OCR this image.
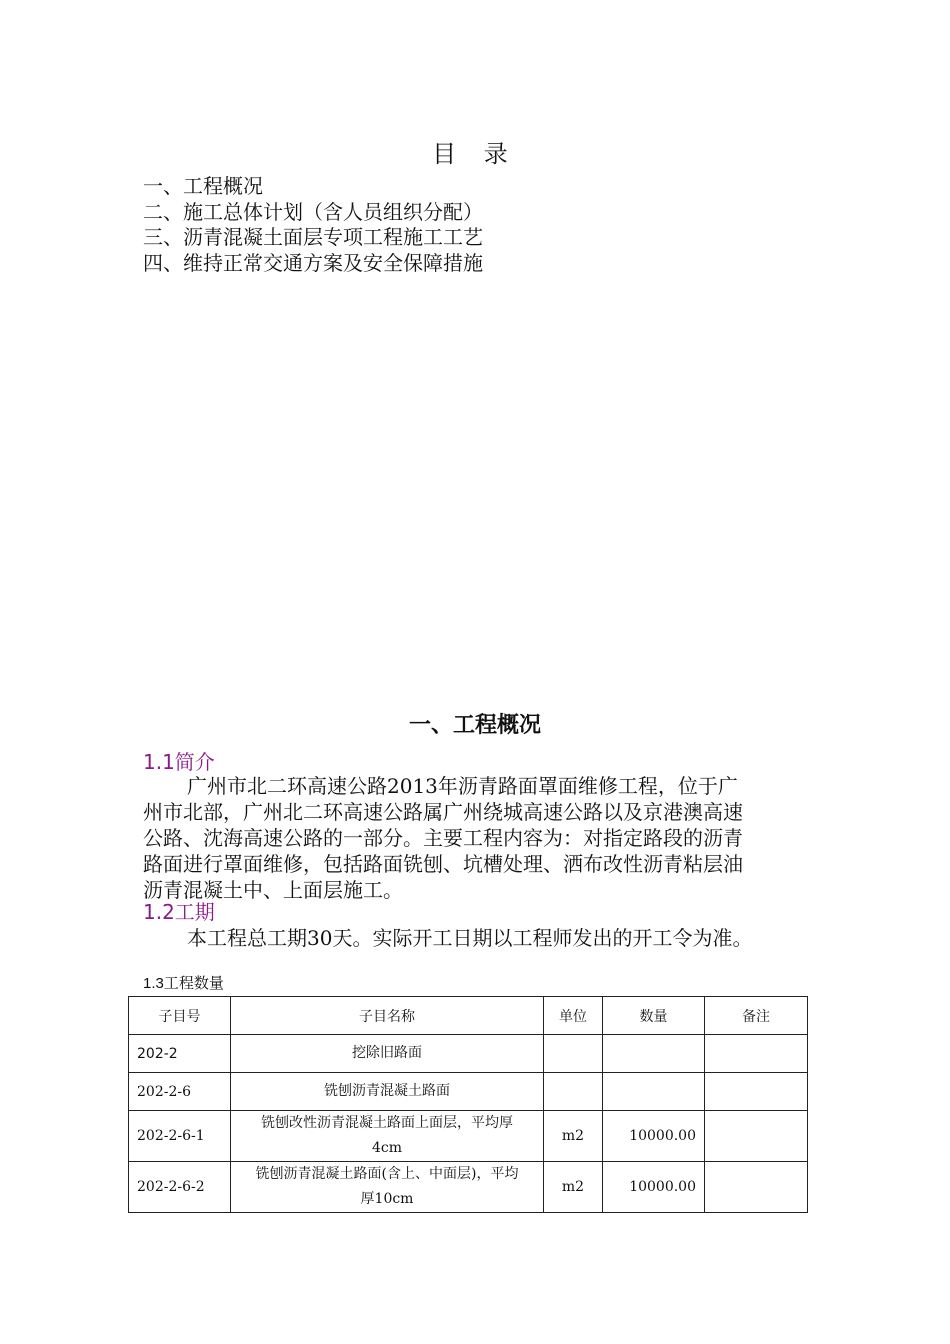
目 录
一、工程概况
二、施工总体计划（含人员组织分配）
三、沥青混凝土面层专项工程施工工艺
四、维持正常交通方案及安全保障措施
一、工程概况
1.1简介
广州市北二环高速公路2013年沥青路面罩面维修工程，位于广
州市北部，广州北二环高速公路属广州绕城高速公路以及京港澳高速
公路、沈海高速公路的一部分。主要工程内容为：对指定路段的沥青
路面进行罩面维修，包括路面铣刨、坑槽处理、洒布改性沥青粘层油
沥青混凝土中、上面层施工。
1.2工期
本工程总工期30天。实际开工日期以工程师发出的开工令为准。
1.3工程数量
子目号	子目名称	单位	数量	备注
202-2	挖除旧路面			
202-2-6	铣刨沥青混凝土路面			
202-2-6-1	铣刨改性沥青混凝土路面上面层，平均厚
4cm	m2	10000.00	
202-2-6-2	铣刨沥青混凝土路面(含上、中面层)，平均
厚10cm	m2	10000.00	
